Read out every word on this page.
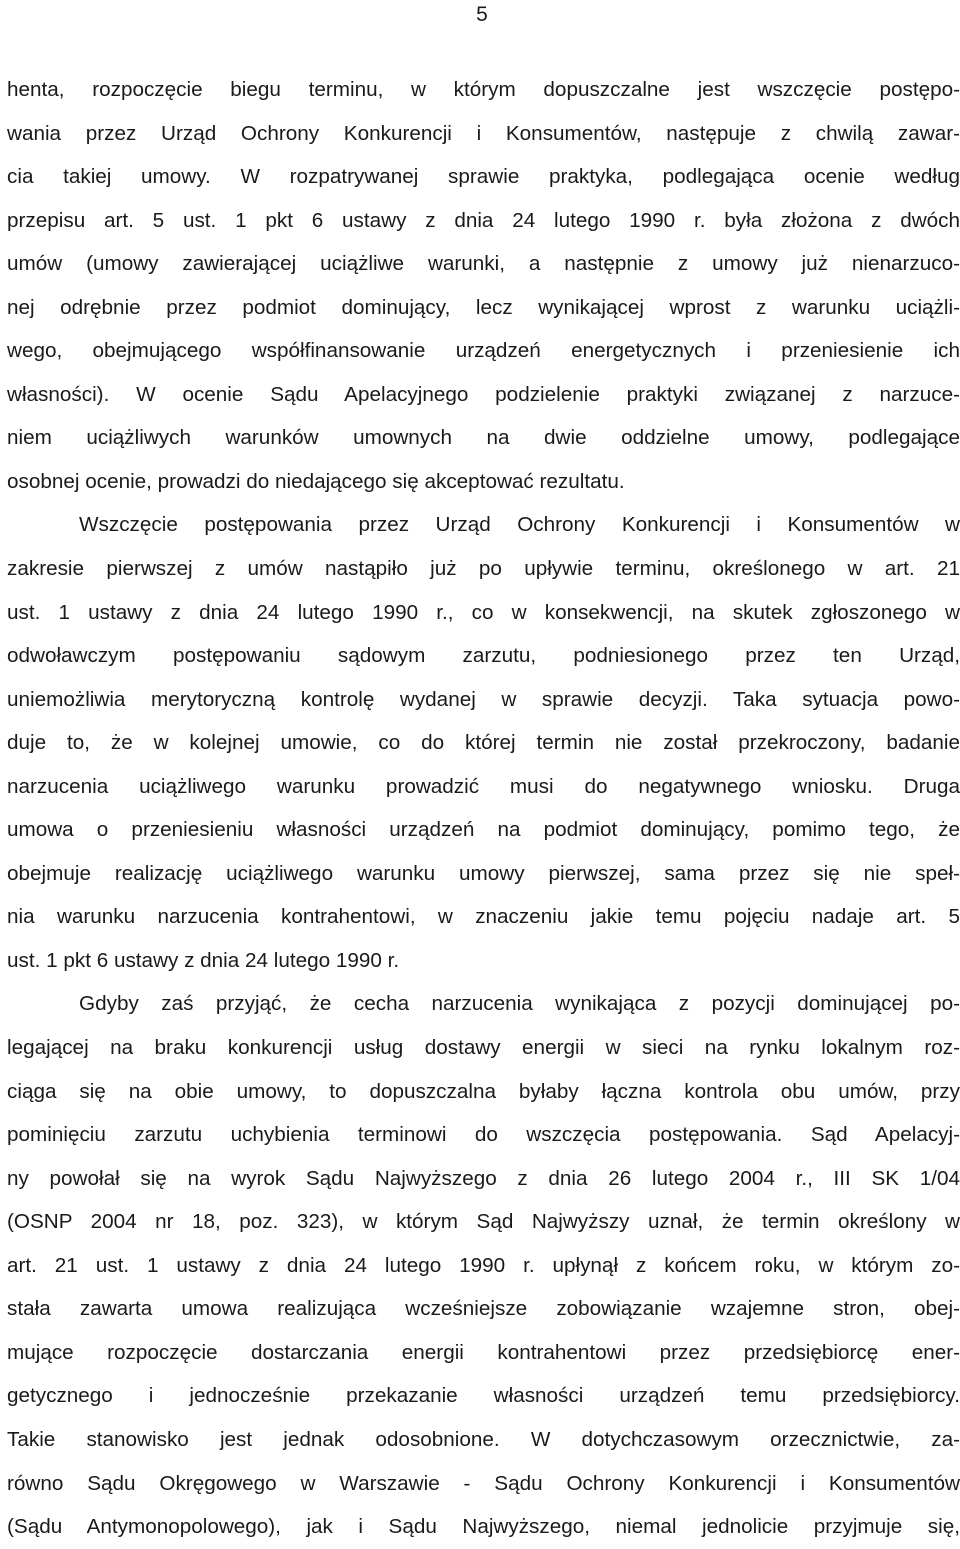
5
henta, rozpoczęcie biegu terminu, w którym dopuszczalne jest wszczęcie postępo-
wania przez Urząd Ochrony Konkurencji i Konsumentów, następuje z chwilą zawar-
cia takiej umowy. W rozpatrywanej sprawie praktyka, podlegająca ocenie według
przepisu art. 5 ust. 1 pkt 6 ustawy z dnia 24 lutego 1990 r. była złożona z dwóch
umów (umowy zawierającej uciążliwe warunki, a następnie z umowy już nienarzuco-
nej odrębnie przez podmiot dominujący, lecz wynikającej wprost z warunku uciążli-
wego, obejmującego współfinansowanie urządzeń energetycznych i przeniesienie ich
własności). W ocenie Sądu Apelacyjnego podzielenie praktyki związanej z narzuce-
niem uciążliwych warunków umownych na dwie oddzielne umowy, podlegające
osobnej ocenie, prowadzi do niedającego się akceptować rezultatu.
Wszczęcie postępowania przez Urząd Ochrony Konkurencji i Konsumentów w
zakresie pierwszej z umów nastąpiło już po upływie terminu, określonego w art. 21
ust. 1 ustawy z dnia 24 lutego 1990 r., co w konsekwencji, na skutek zgłoszonego w
odwoławczym postępowaniu sądowym zarzutu, podniesionego przez ten Urząd,
uniemożliwia merytoryczną kontrolę wydanej w sprawie decyzji. Taka sytuacja powo-
duje to, że w kolejnej umowie, co do której termin nie został przekroczony, badanie
narzucenia uciążliwego warunku prowadzić musi do negatywnego wniosku. Druga
umowa o przeniesieniu własności urządzeń na podmiot dominujący, pomimo tego, że
obejmuje realizację uciążliwego warunku umowy pierwszej, sama przez się nie speł-
nia warunku narzucenia kontrahentowi, w znaczeniu jakie temu pojęciu nadaje art. 5
ust. 1 pkt 6 ustawy z dnia 24 lutego 1990 r.
Gdyby zaś przyjąć, że cecha narzucenia wynikająca z pozycji dominującej po-
legającej na braku konkurencji usług dostawy energii w sieci na rynku lokalnym roz-
ciąga się na obie umowy, to dopuszczalna byłaby łączna kontrola obu umów, przy
pominięciu zarzutu uchybienia terminowi do wszczęcia postępowania. Sąd Apelacyj-
ny powołał się na wyrok Sądu Najwyższego z dnia 26 lutego 2004 r., III SK 1/04
(OSNP 2004 nr 18, poz. 323), w którym Sąd Najwyższy uznał, że termin określony w
art. 21 ust. 1 ustawy z dnia 24 lutego 1990 r. upłynął z końcem roku, w którym zo-
stała zawarta umowa realizująca wcześniejsze zobowiązanie wzajemne stron, obej-
mujące rozpoczęcie dostarczania energii kontrahentowi przez przedsiębiorcę ener-
getycznego i jednocześnie przekazanie własności urządzeń temu przedsiębiorcy.
Takie stanowisko jest jednak odosobnione. W dotychczasowym orzecznictwie, za-
równo Sądu Okręgowego w Warszawie - Sądu Ochrony Konkurencji i Konsumentów
(Sądu Antymonopolowego), jak i Sądu Najwyższego, niemal jednolicie przyjmuje się,
